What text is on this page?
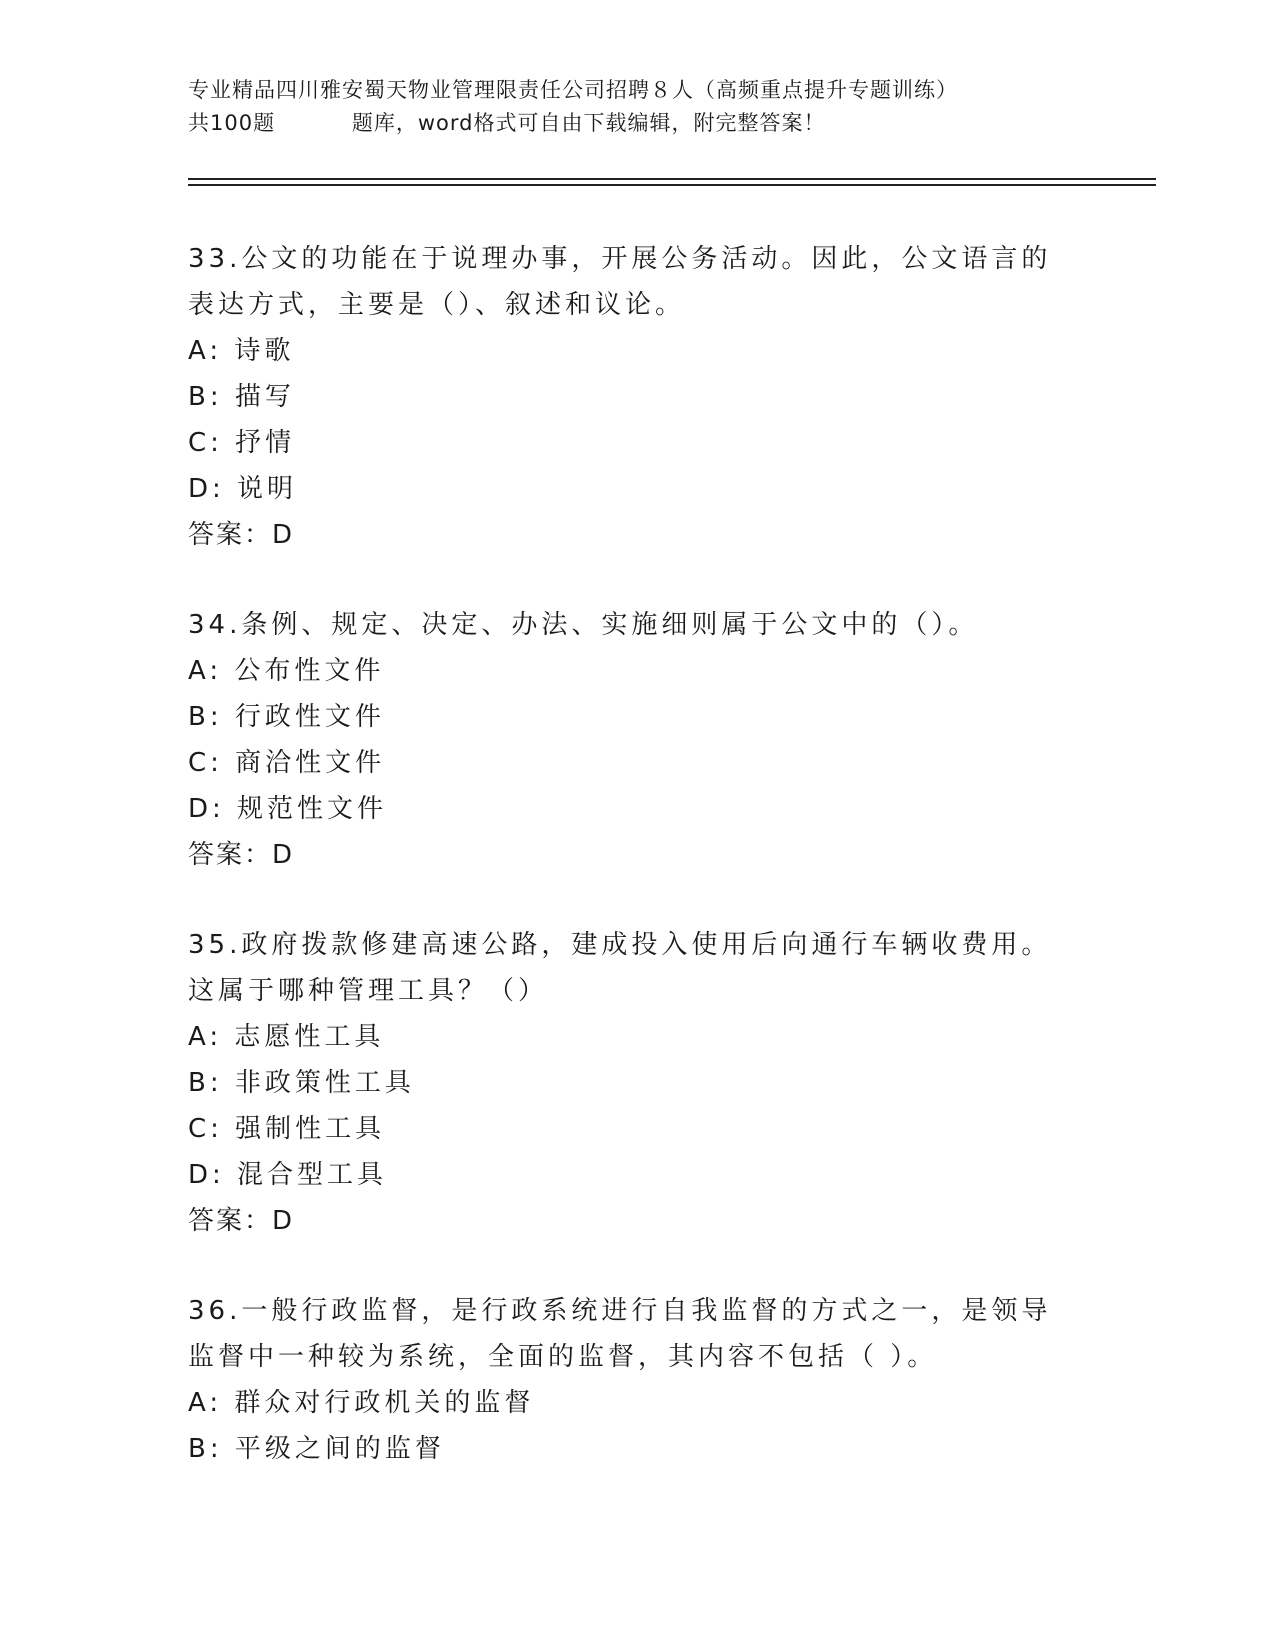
专业精品四川雅安蜀天物业管理限责任公司招聘８人（高频重点提升专题训练）
共100题          题库，word格式可自由下载编辑，附完整答案！

33.公文的功能在于说理办事，开展公务活动。因此，公文语言的表达方式，主要是（）、叙述和议论。

A: 诗歌

B: 描写

C: 抒情

D: 说明

答案：D

34.条例、规定、决定、办法、实施细则属于公文中的（）。

A: 公布性文件

B: 行政性文件

C: 商洽性文件

D: 规范性文件

答案：D

35.政府拨款修建高速公路，建成投入使用后向通行车辆收费用。这属于哪种管理工具？（）

A: 志愿性工具

B: 非政策性工具

C: 强制性工具

D: 混合型工具

答案：D

36.一般行政监督，是行政系统进行自我监督的方式之一，是领导监督中一种较为系统，全面的监督，其内容不包括（ ）。

A: 群众对行政机关的监督

B: 平级之间的监督
